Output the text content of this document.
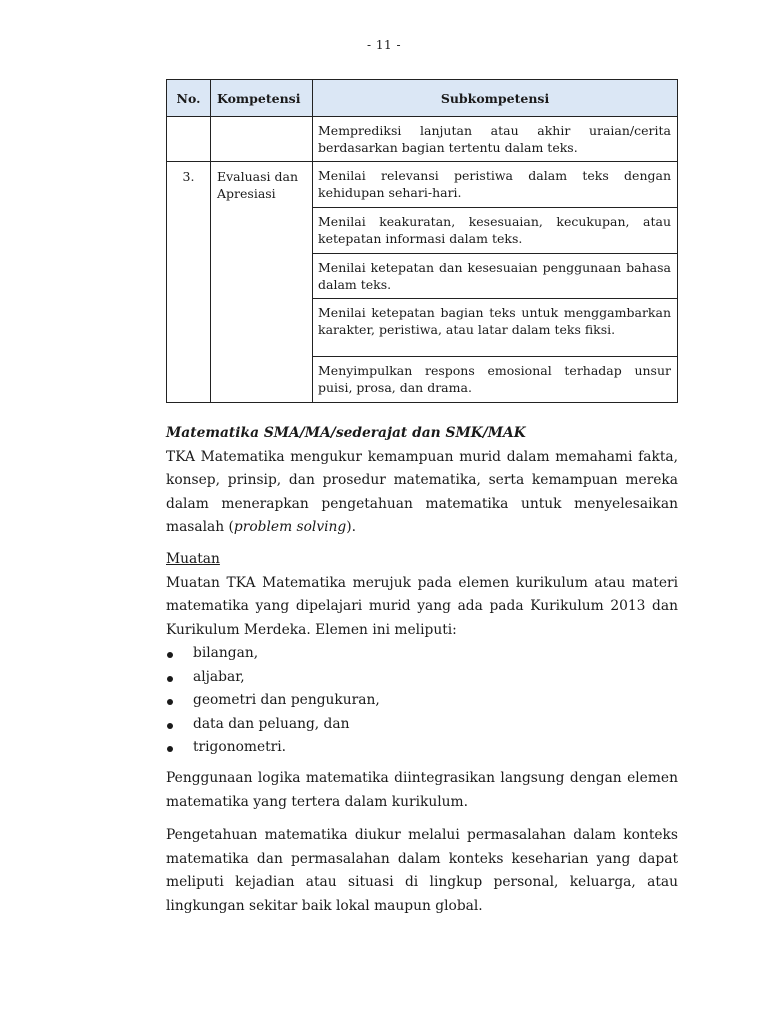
- 11 -
No.	Kompetensi	Subkompetensi
		Memprediksi lanjutan atau akhir uraian/cerita berdasarkan bagian tertentu dalam teks.
3.	Evaluasi dan Apresiasi	Menilai relevansi peristiwa dalam teks dengan kehidupan sehari-hari.
		Menilai keakuratan, kesesuaian, kecukupan, atau ketepatan informasi dalam teks.
		Menilai ketepatan dan kesesuaian penggunaan bahasa dalam teks.
		Menilai ketepatan bagian teks untuk menggambarkan karakter, peristiwa, atau latar dalam teks fiksi.
		Menyimpulkan respons emosional terhadap unsur puisi, prosa, dan drama.

Matematika SMA/MA/sederajat dan SMK/MAK

TKA Matematika mengukur kemampuan murid dalam memahami fakta, konsep, prinsip, dan prosedur matematika, serta kemampuan mereka dalam menerapkan pengetahuan matematika untuk menyelesaikan masalah (problem solving).

Muatan

Muatan TKA Matematika merujuk pada elemen kurikulum atau materi matematika yang dipelajari murid yang ada pada Kurikulum 2013 dan Kurikulum Merdeka. Elemen ini meliputi:

bilangan,
aljabar,
geometri dan pengukuran,
data dan peluang, dan
trigonometri.

Penggunaan logika matematika diintegrasikan langsung dengan elemen matematika yang tertera dalam kurikulum.

Pengetahuan matematika diukur melalui permasalahan dalam konteks matematika dan permasalahan dalam konteks keseharian yang dapat meliputi kejadian atau situasi di lingkup personal, keluarga, atau lingkungan sekitar baik lokal maupun global.
